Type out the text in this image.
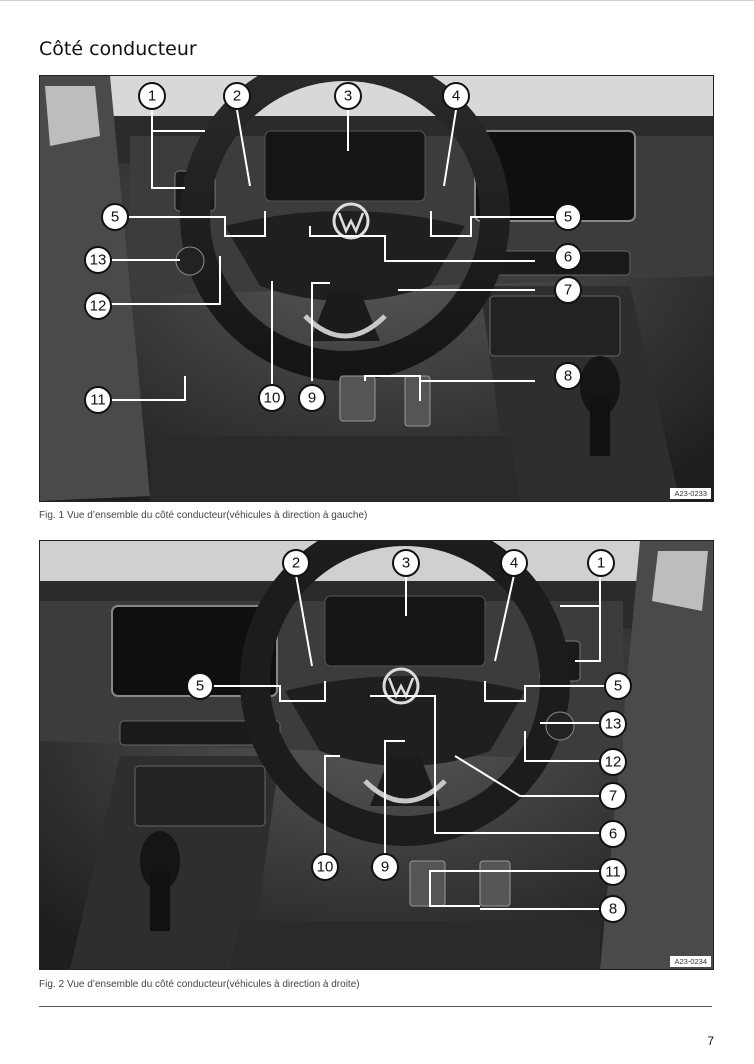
Côté conducteur
1	2	3	4
5	5
6
7
8
9
10
11
12
13
A23-0233
Fig. 1 Vue d’ensemble du côté conducteur(véhicules à direction à gauche)
1
2	3	4
5	5
6
7
8
9
10	11
12
13
A23-0234
Fig. 2 Vue d’ensemble du côté conducteur(véhicules à direction à droite)
7
